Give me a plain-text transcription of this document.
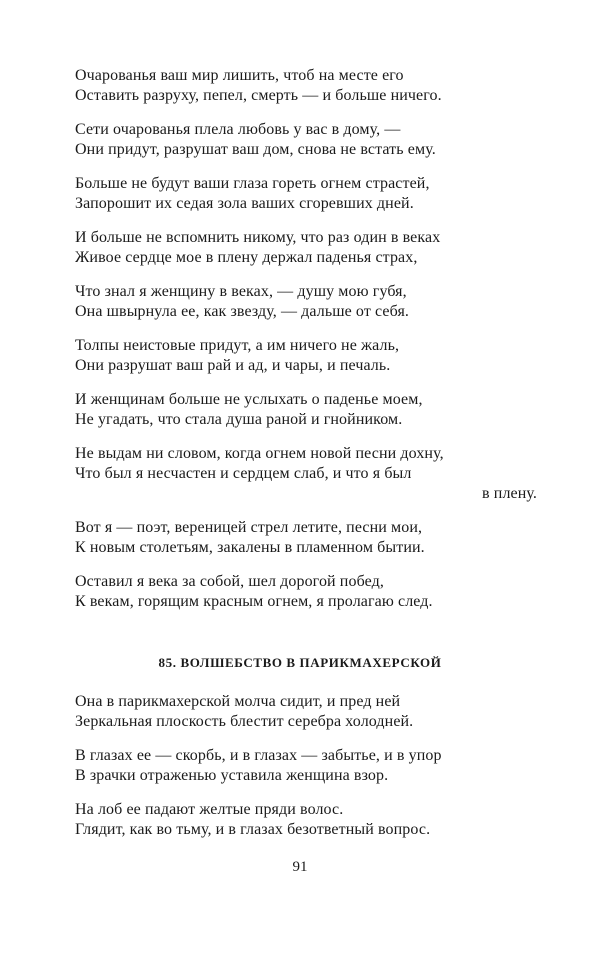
Очарованья ваш мир лишить, чтоб на месте его
Оставить разруху, пепел, смерть — и больше ничего.
Сети очарованья плела любовь у вас в дому, —
Они придут, разрушат ваш дом, снова не встать ему.
Больше не будут ваши глаза гореть огнем страстей,
Запорошит их седая зола ваших сгоревших дней.
И больше не вспомнить никому, что раз один в веках
Живое сердце мое в плену держал паденья страх,
Что знал я женщину в веках, — душу мою губя,
Она швырнула ее, как звезду, — дальше от себя.
Толпы неистовые придут, а им ничего не жаль,
Они разрушат ваш рай и ад, и чары, и печаль.
И женщинам больше не услыхать о паденье моем,
Не угадать, что стала душа раной и гнойником.
Не выдам ни словом, когда огнем новой песни дохну,
Что был я несчастен и сердцем слаб, и что я был
в плену.
Вот я — поэт, вереницей стрел летите, песни мои,
К новым столетьям, закалены в пламенном бытии.
Оставил я века за собой, шел дорогой побед,
К векам, горящим красным огнем, я пролагаю след.
85. ВОЛШЕБСТВО В ПАРИКМАХЕРСКОЙ
Она в парикмахерской молча сидит, и пред ней
Зеркальная плоскость блестит серебра холодней.
В глазах ее — скорбь, и в глазах — забытье, и в упор
В зрачки отраженью уставила женщина взор.
На лоб ее падают желтые пряди волос.
Глядит, как во тьму, и в глазах безответный вопрос.
91
